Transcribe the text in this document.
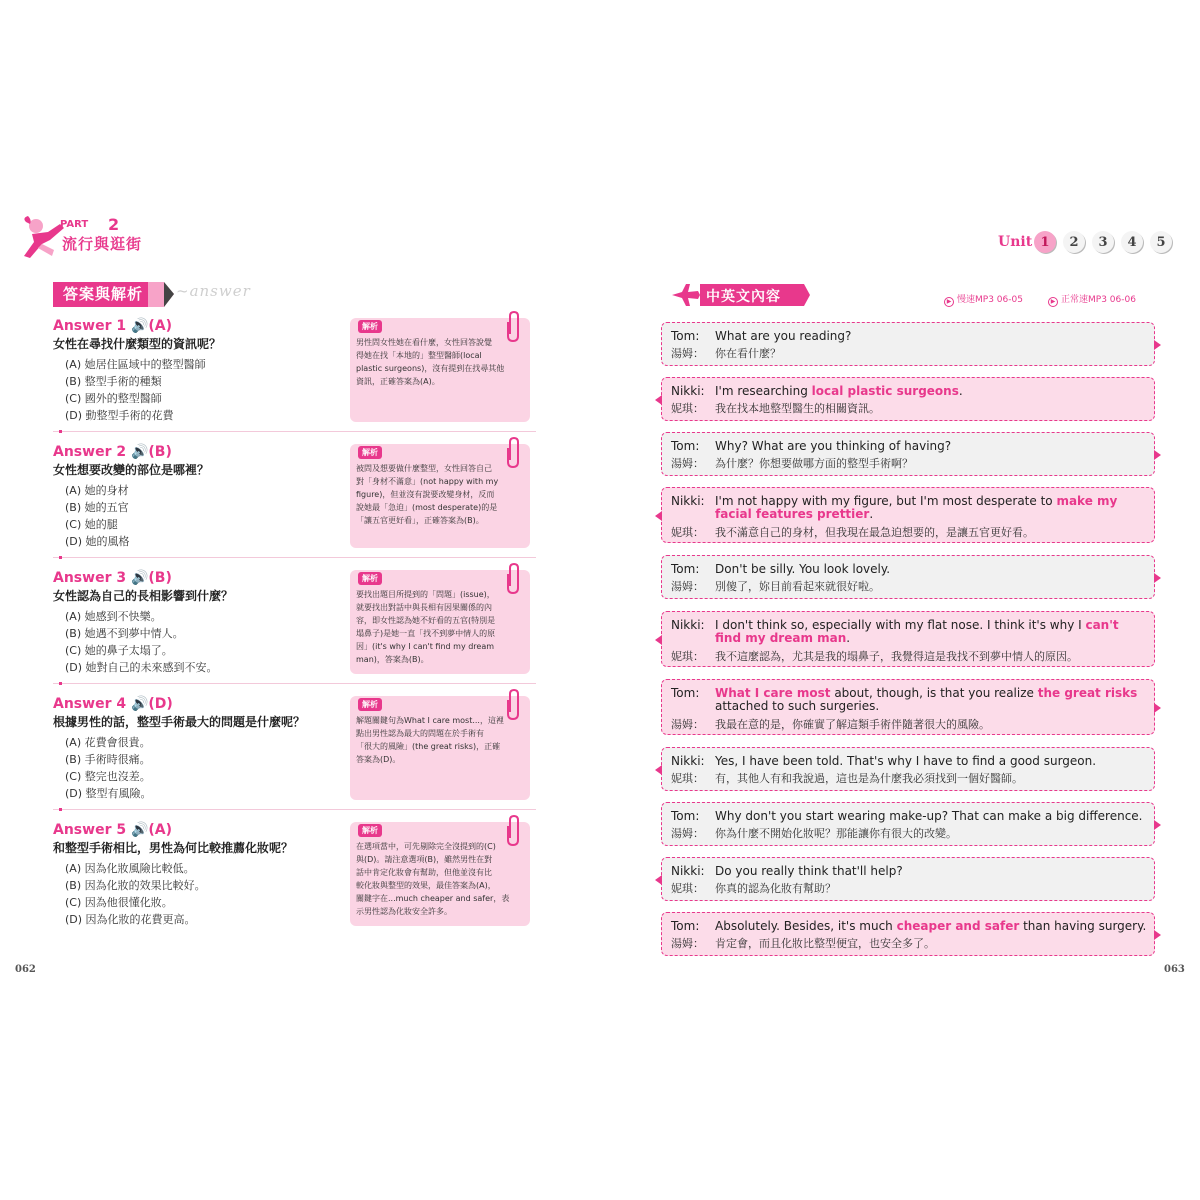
PART 2
流行與逛街	Unit 1	2	3	4	5
答案與解析	~answer
Answer 1 🔊(A)
女性在尋找什麼類型的資訊呢？
(A) 她居住區域中的整型醫師
(B) 整型手術的種類
(C) 國外的整型醫師
(D) 動整型手術的花費
解析
男性問女性她在看什麼，女性回答說覺
得她在找「本地的」整型醫師(local
plastic surgeons)，沒有提到在找尋其他
資訊，正確答案為(A)。
Answer 2 🔊(B)
女性想要改變的部位是哪裡？
(A) 她的身材
(B) 她的五官
(C) 她的腿
(D) 她的風格
解析
被問及想要做什麼整型，女性回答自己
對「身材不滿意」(not happy with my
figure)，但並沒有說要改變身材，反而
說她最「急迫」(most desperate)的是
「讓五官更好看」，正確答案為(B)。
Answer 3 🔊(B)
女性認為自己的長相影響到什麼？
(A) 她感到不快樂。
(B) 她遇不到夢中情人。
(C) 她的鼻子太塌了。
(D) 她對自己的未來感到不安。
解析
要找出題目所提到的「問題」(issue)，
就要找出對話中與長相有因果關係的內
容，即女性認為她不好看的五官(特別是
塌鼻子)是她一直「找不到夢中情人的原
因」(it's why I can't find my dream
man)，答案為(B)。
Answer 4 🔊(D)
根據男性的話，整型手術最大的問題是什麼呢？
(A) 花費會很貴。
(B) 手術時很痛。
(C) 整完也沒差。
(D) 整型有風險。
解析
解題關鍵句為What I care most...，這裡
點出男性認為最大的問題在於手術有
「很大的風險」(the great risks)，正確
答案為(D)。
Answer 5 🔊(A)
和整型手術相比，男性為何比較推薦化妝呢？
(A) 因為化妝風險比較低。
(B) 因為化妝的效果比較好。
(C) 因為他很懂化妝。
(D) 因為化妝的花費更高。
解析
在選項當中，可先剔除完全沒提到的(C)
與(D)。請注意選項(B)，雖然男性在對
話中肯定化妝會有幫助，但他並沒有比
較化妝與整型的效果，最佳答案為(A)，
關鍵字在...much cheaper and safer，表
示男性認為化妝安全許多。
中英文內容	▶ 慢速MP3 06-05	▶ 正常速MP3 06-06
Tom: What are you reading?
湯姆： 你在看什麼？
Nikki: I'm researching local plastic surgeons.
妮琪： 我在找本地整型醫生的相關資訊。
Tom: Why? What are you thinking of having?
湯姆： 為什麼？你想要做哪方面的整型手術啊？
Nikki: I'm not happy with my figure, but I'm most desperate to make my facial features prettier.
妮琪： 我不滿意自己的身材，但我現在最急迫想要的，是讓五官更好看。
Tom: Don't be silly. You look lovely.
湯姆： 別傻了，妳目前看起來就很好啦。
Nikki: I don't think so, especially with my flat nose. I think it's why I can't find my dream man.
妮琪： 我不這麼認為，尤其是我的塌鼻子，我覺得這是我找不到夢中情人的原因。
Tom: What I care most about, though, is that you realize the great risks attached to such surgeries.
湯姆： 我最在意的是，你確實了解這類手術伴隨著很大的風險。
Nikki: Yes, I have been told. That's why I have to find a good surgeon.
妮琪： 有，其他人有和我說過，這也是為什麼我必須找到一個好醫師。
Tom: Why don't you start wearing make-up? That can make a big difference.
湯姆： 你為什麼不開始化妝呢？那能讓你有很大的改變。
Nikki: Do you really think that'll help?
妮琪： 你真的認為化妝有幫助？
Tom: Absolutely. Besides, it's much cheaper and safer than having surgery.
湯姆： 肯定會，而且化妝比整型便宜，也安全多了。
062	063
